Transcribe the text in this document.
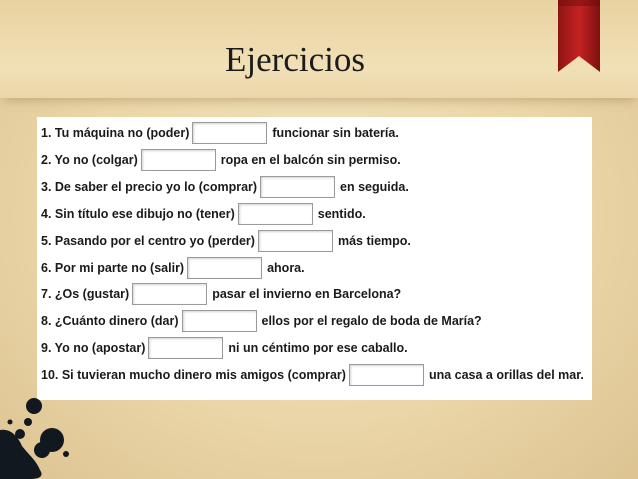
Ejercicios
1. Tu máquina no (poder)	funcionar sin batería.
2. Yo no (colgar)	ropa en el balcón sin permiso.
3. De saber el precio yo lo (comprar)	en seguida.
4. Sin título ese dibujo no (tener)	sentido.
5. Pasando por el centro yo (perder)	más tiempo.
6. Por mi parte no (salir)	ahora.
7. ¿Os (gustar)	pasar el invierno en Barcelona?
8. ¿Cuánto dinero (dar)	ellos por el regalo de boda de María?
9. Yo no (apostar)	ni un céntimo por ese caballo.
10. Si tuvieran mucho dinero mis amigos (comprar)	una casa a orillas del mar.
